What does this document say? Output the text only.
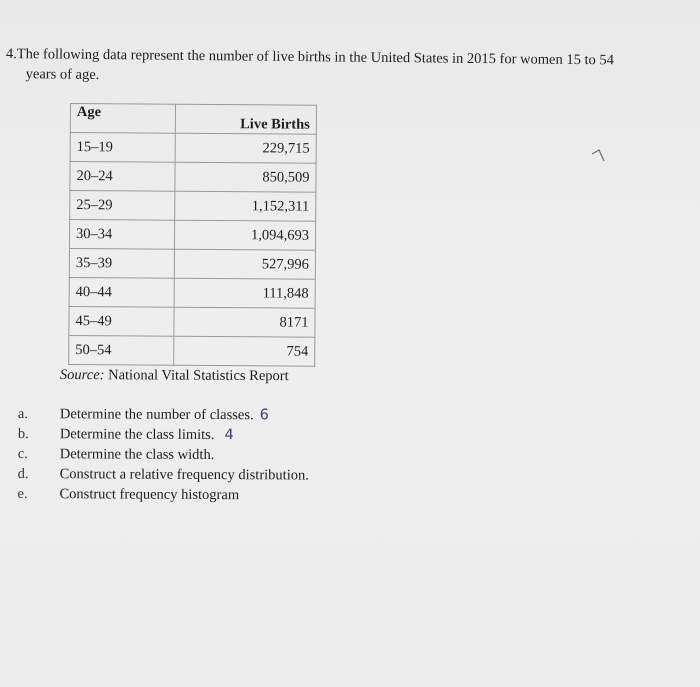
4.The following data represent the number of live births in the United States in 2015 for women 15 to 54
years of age.
Age	Live Births
15–19	229,715
20–24	850,509
25–29	1,152,311
30–34	1,094,693
35–39	527,996
40–44	111,848
45–49	8171
50–54	754
Source: National Vital Statistics Report
a.	Determine the number of classes. 6
b.	Determine the class limits. 4
c.	Determine the class width.
d.	Construct a relative frequency distribution.
e.	Construct frequency histogram
